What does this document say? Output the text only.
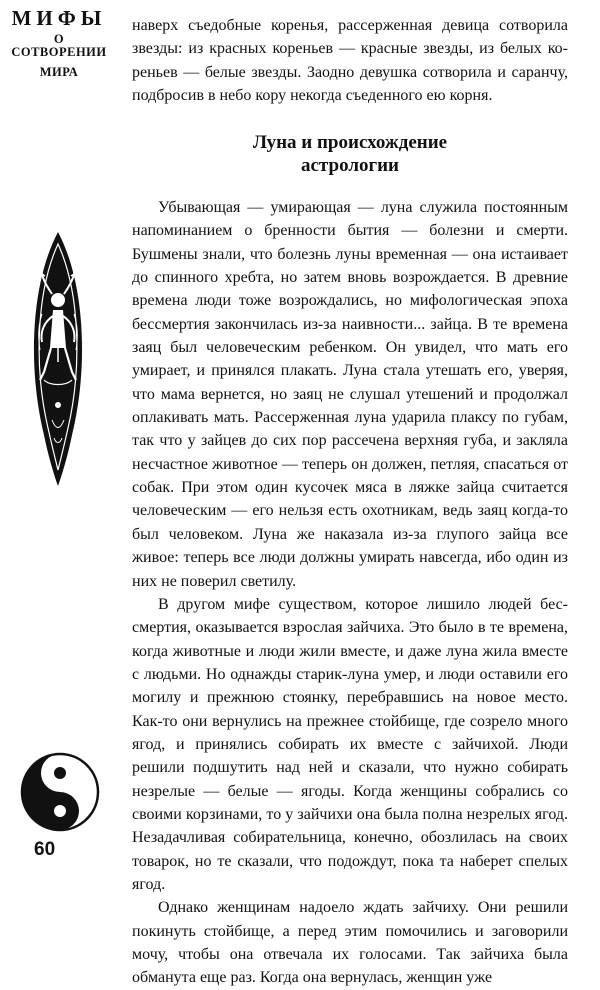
МИФЫ
О СОТВОРЕНИИ
МИРА
60

наверх съедобные коренья, рассерженная девица сотворила звезды: из красных кореньев — красные звезды, из белых кореньев — белые звезды. Заодно девушка сотворила и саранчу, подбросив в небо кору некогда съеденного ею корня.

Луна и происхождение
астрологии

Убывающая — умирающая — луна служила постоянным напоминанием о бренности бытия — болезни и смерти. Бушмены знали, что болезнь луны временная — она истаивает до спинного хребта, но затем вновь возрождается. В древние времена люди тоже возрождались, но мифологическая эпоха бессмертия закончилась из-за наивности... зайца. В те времена заяц был человеческим ребенком. Он увидел, что мать его умирает, и принялся плакать. Луна стала утешать его, уверяя, что мама вернется, но заяц не слушал утешений и продолжал оплакивать мать. Рассерженная луна ударила плаксу по губам, так что у зайцев до сих пор рассечена верхняя губа, и закляла несчастное животное — теперь он должен, петляя, спасаться от собак. При этом один кусочек мяса в ляжке зайца считается человеческим — его нельзя есть охотникам, ведь заяц когда-то был человеком. Луна же наказала из-за глупого зайца все живое: теперь все люди должны умирать навсегда, ибо один из них не поверил светилу.

В другом мифе существом, которое лишило людей бессмертия, оказывается взрослая зайчиха. Это было в те времена, когда животные и люди жили вместе, и даже луна жила вместе с людьми. Но однажды старик-луна умер, и люди оставили его могилу и прежнюю стоянку, перебравшись на новое место. Как-то они вернулись на прежнее стойбище, где созрело много ягод, и принялись собирать их вместе с зайчихой. Люди решили подшутить над ней и сказали, что нужно собирать незрелые — белые — ягоды. Когда женщины собрались со своими корзинами, то у зайчихи она была полна незрелых ягод. Незадачливая собирательница, конечно, обозлилась на своих товарок, но те сказали, что подождут, пока та наберет спелых ягод.

Однако женщинам надоело ждать зайчиху. Они решили покинуть стойбище, а перед этим помочились и заговорили мочу, чтобы она отвечала их голосами. Так зайчиха была обманута еще раз. Когда она вернулась, женщин уже
